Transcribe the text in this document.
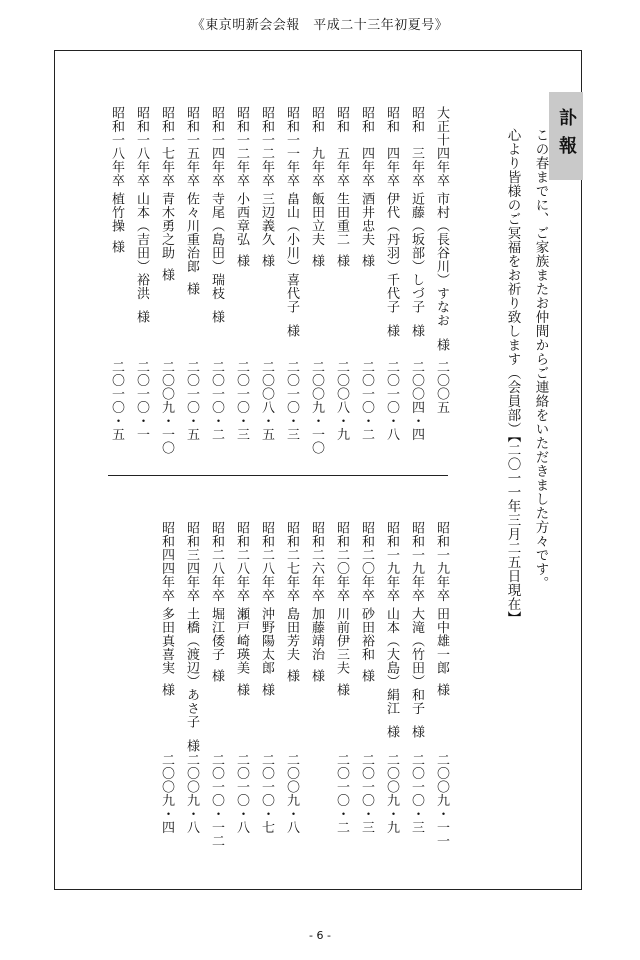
《東京明新会会報　平成二十三年初夏号》
訃報
この春までに、ご家族またお仲間からご連絡をいただきました方々です。
心より皆様のご冥福をお祈り致します（会員部）【二〇一一年三月二五日現在】
- 6 -
大正十四年卒
市村（長谷川）すなお
様
二〇〇五
昭和　三年卒
近藤（坂部）しづ子
様
二〇〇四・四
昭和　四年卒
伊代（丹羽）千代子
様
二〇一〇・八
昭和　四年卒
酒井忠夫
様
二〇一〇・二
昭和　五年卒
生田重二
様
二〇〇八・九
昭和　九年卒
飯田立夫
様
二〇〇九・一〇
昭和一一年卒
畠山（小川）喜代子
様
二〇一〇・三
昭和一二年卒
三辺義久
様
二〇〇八・五
昭和一二年卒
小西章弘
様
二〇一〇・三
昭和一四年卒
寺尾（島田）瑞枝
様
二〇一〇・二
昭和一五年卒
佐々川重治郎
様
二〇一〇・五
昭和一七年卒
青木勇之助
様
二〇〇九・一〇
昭和一八年卒
山本（吉田）裕洪
様
二〇一〇・一
昭和一八年卒
植竹操
様
二〇一〇・五
昭和一九年卒
田中雄一郎
様
二〇〇九・一一
昭和一九年卒
大滝（竹田）和子
様
二〇一〇・三
昭和一九年卒
山本（大島）絹江
様
二〇〇九・九
昭和二〇年卒
砂田裕和
様
二〇一〇・三
昭和二〇年卒
川前伊三夫
様
二〇一〇・二
昭和二六年卒
加藤靖治
様
昭和二七年卒
島田芳夫
様
二〇〇九・八
昭和二八年卒
沖野陽太郎
様
二〇一〇・七
昭和二八年卒
瀬戸崎瑛美
様
二〇一〇・八
昭和二八年卒
堀江倭子
様
二〇一〇・一二
昭和三四年卒
土橋（渡辺）あさ子
様
二〇〇九・八
昭和四四年卒
多田真喜実
様
二〇〇九・四
